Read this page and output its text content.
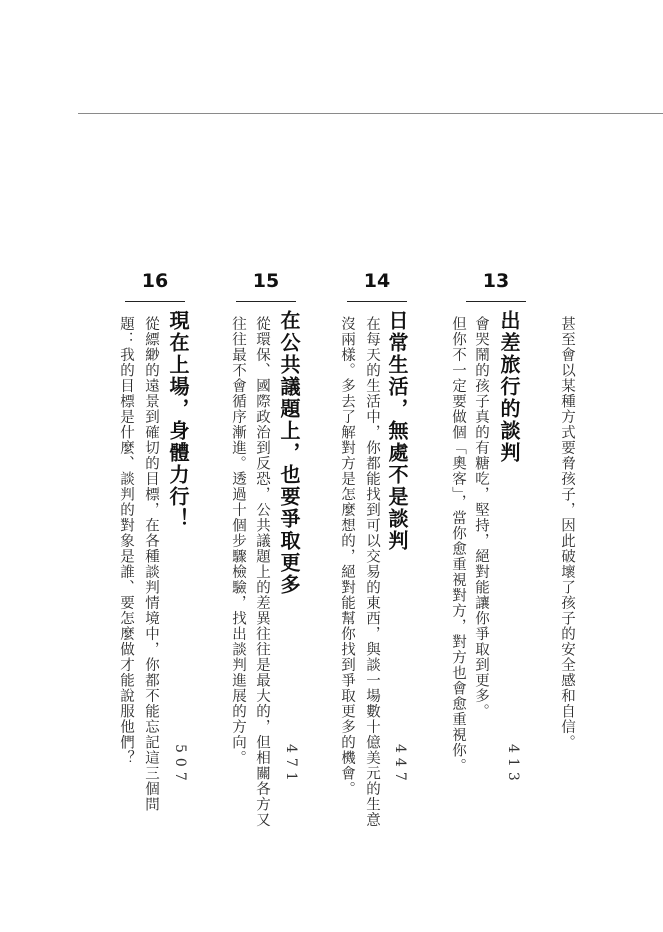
甚至會以某種方式要脅孩子，因此破壞了孩子的安全感和自信。
13
出差旅行的談判
會哭鬧的孩子真的有糖吃，堅持，絕對能讓你爭取到更多。
但你不一定要做個「奧客」，當你愈重視對方，對方也會愈重視你。	413
14
日常生活，無處不是談判
在每天的生活中，你都能找到可以交易的東西，與談一場數十億美元的生意
沒兩樣。多去了解對方是怎麼想的，絕對能幫你找到爭取更多的機會。	447
15
在公共議題上，也要爭取更多
從環保、國際政治到反恐，公共議題上的差異往往是最大的，但相關各方又
往往最不會循序漸進。透過十個步驟檢驗，找出談判進展的方向。	471
16
現在上場，身體力行！
從縹緲的遠景到確切的目標，在各種談判情境中，你都不能忘記這三個問
題：我的目標是什麼、談判的對象是誰、要怎麼做才能說服他們？	507
